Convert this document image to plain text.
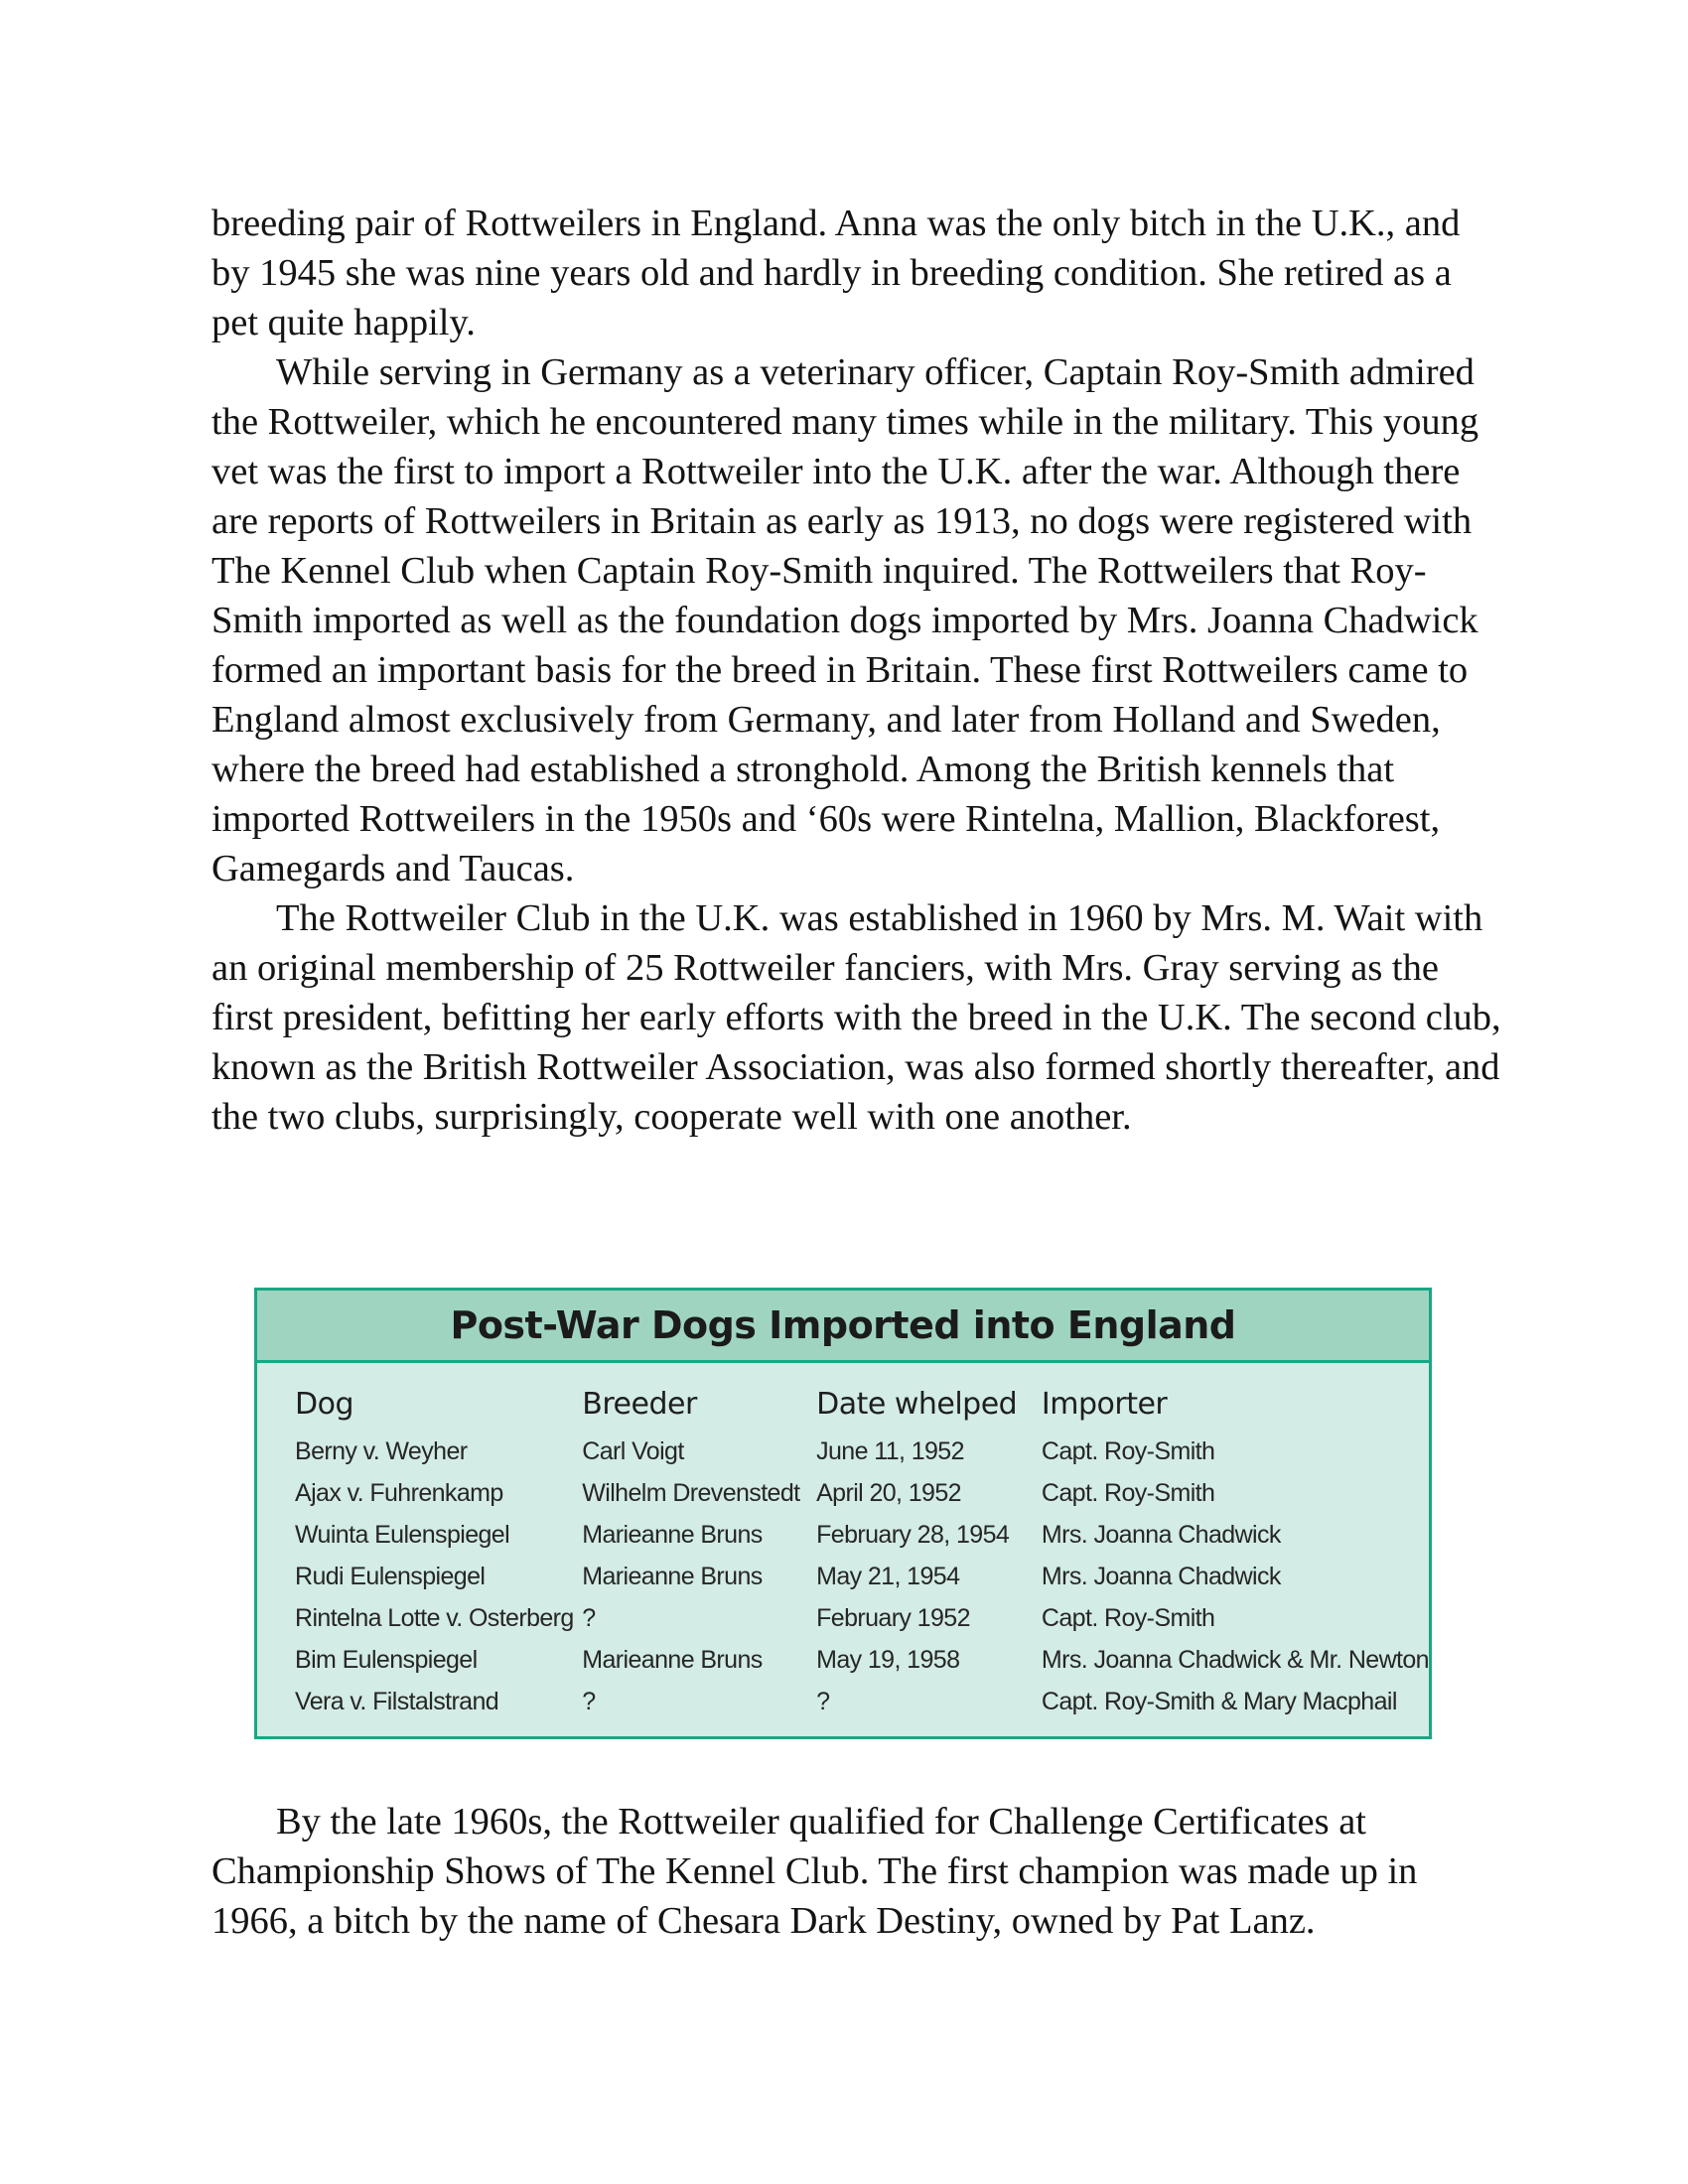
breeding pair of Rottweilers in England. Anna was the only bitch in the U.K., and by 1945 she was nine years old and hardly in breeding condition. She retired as a pet quite happily.

While serving in Germany as a veterinary officer, Captain Roy-Smith admired the Rottweiler, which he encountered many times while in the military. This young vet was the first to import a Rottweiler into the U.K. after the war. Although there are reports of Rottweilers in Britain as early as 1913, no dogs were registered with The Kennel Club when Captain Roy-Smith inquired. The Rottweilers that Roy-Smith imported as well as the foundation dogs imported by Mrs. Joanna Chadwick formed an important basis for the breed in Britain. These first Rottweilers came to England almost exclusively from Germany, and later from Holland and Sweden, where the breed had established a stronghold. Among the British kennels that imported Rottweilers in the 1950s and ‘60s were Rintelna, Mallion, Blackforest, Gamegards and Taucas.

The Rottweiler Club in the U.K. was established in 1960 by Mrs. M. Wait with an original membership of 25 Rottweiler fanciers, with Mrs. Gray serving as the first president, befitting her early efforts with the breed in the U.K. The second club, known as the British Rottweiler Association, was also formed shortly thereafter, and the two clubs, surprisingly, cooperate well with one another.

Post-War Dogs Imported into England
Dog	Breeder	Date whelped	Importer
Berny v. Weyher	Carl Voigt	June 11, 1952	Capt. Roy-Smith
Ajax v. Fuhrenkamp	Wilhelm Drevenstedt	April 20, 1952	Capt. Roy-Smith
Wuinta Eulenspiegel	Marieanne Bruns	February 28, 1954	Mrs. Joanna Chadwick
Rudi Eulenspiegel	Marieanne Bruns	May 21, 1954	Mrs. Joanna Chadwick
Rintelna Lotte v. Osterberg	?	February 1952	Capt. Roy-Smith
Bim Eulenspiegel	Marieanne Bruns	May 19, 1958	Mrs. Joanna Chadwick & Mr. Newton
Vera v. Filstalstrand	?	?	Capt. Roy-Smith & Mary Macphail

By the late 1960s, the Rottweiler qualified for Challenge Certificates at Championship Shows of The Kennel Club. The first champion was made up in 1966, a bitch by the name of Chesara Dark Destiny, owned by Pat Lanz.
